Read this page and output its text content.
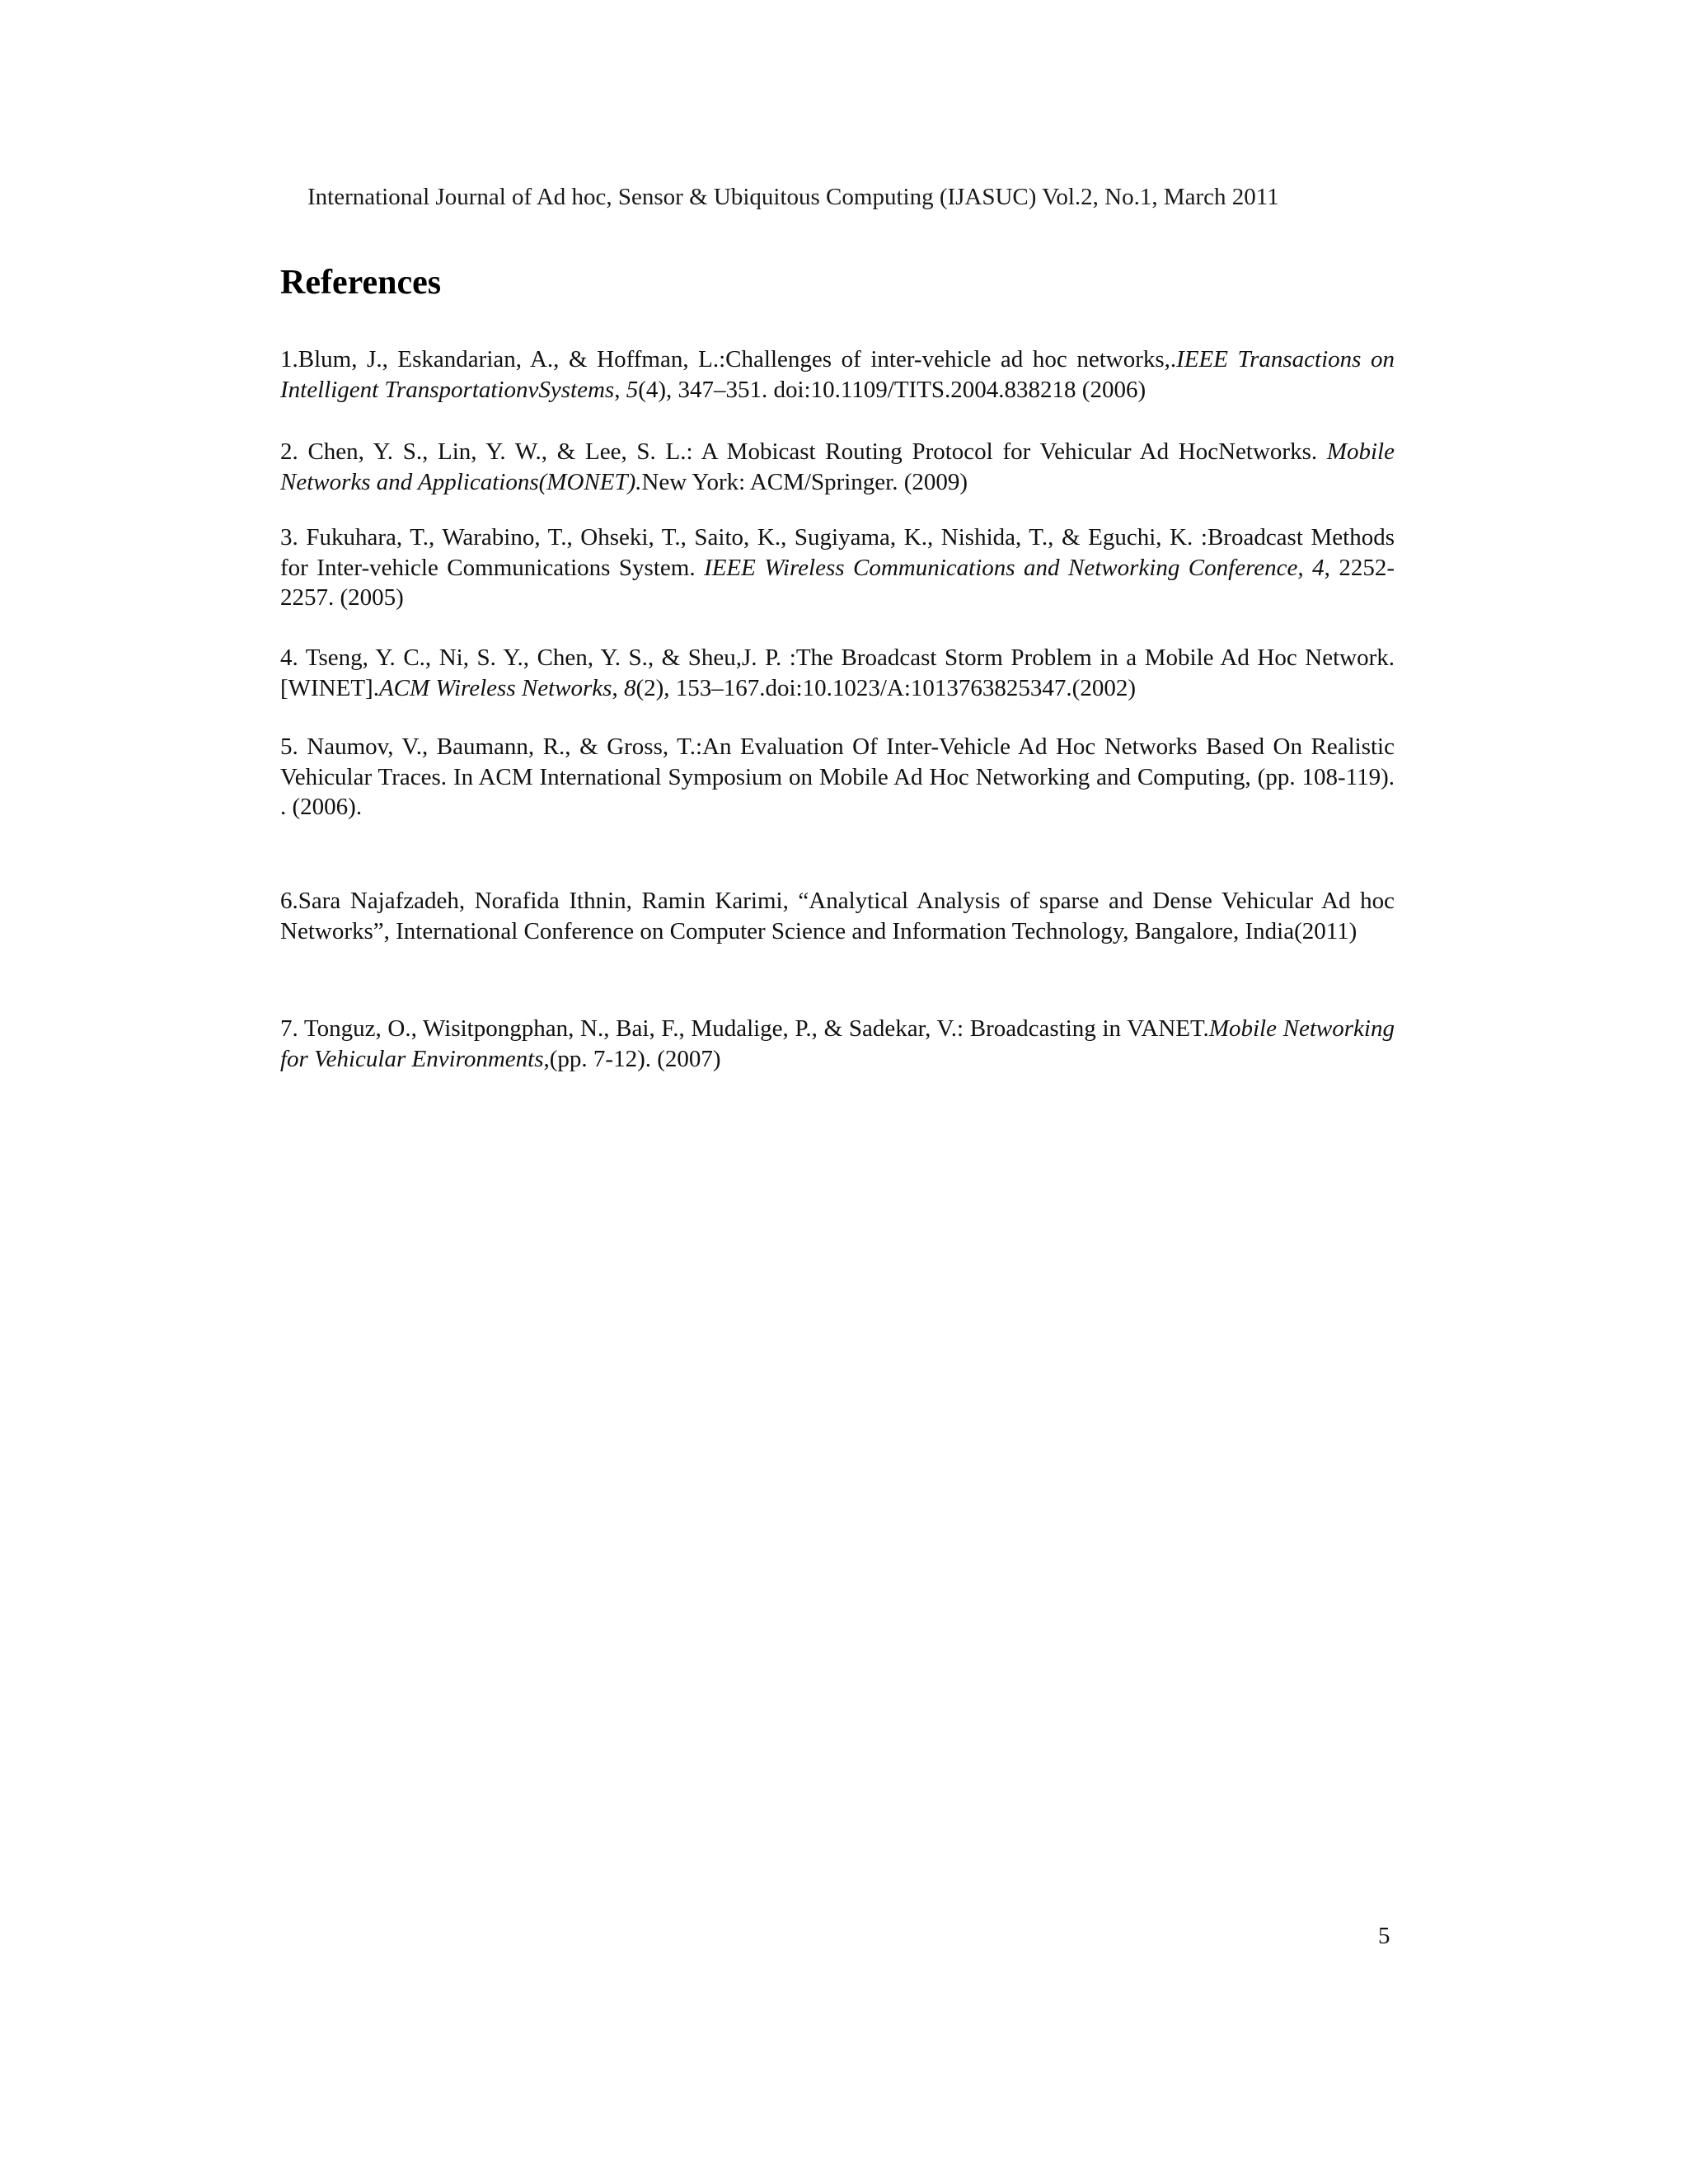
International Journal of Ad hoc, Sensor & Ubiquitous Computing (IJASUC) Vol.2, No.1, March 2011
References

1.Blum, J., Eskandarian, A., & Hoffman, L.:Challenges of inter-vehicle ad hoc networks,.IEEE Transactions on Intelligent TransportationvSystems, 5(4), 347–351. doi:10.1109/TITS.2004.838218 (2006)

2. Chen, Y. S., Lin, Y. W., & Lee, S. L.: A Mobicast Routing Protocol for Vehicular Ad HocNetworks. Mobile Networks and Applications(MONET).New York: ACM/Springer. (2009)

3. Fukuhara, T., Warabino, T., Ohseki, T., Saito, K., Sugiyama, K., Nishida, T., & Eguchi, K. :Broadcast Methods for Inter-vehicle Communications System. IEEE Wireless Communications and Networking Conference, 4, 2252-2257. (2005)

4. Tseng, Y. C., Ni, S. Y., Chen, Y. S., & Sheu,J. P. :The Broadcast Storm Problem in a Mobile Ad Hoc Network. [WINET].ACM Wireless Networks, 8(2), 153–167.doi:10.1023/A:1013763825347.(2002)

5. Naumov, V., Baumann, R., & Gross, T.:An Evaluation Of Inter-Vehicle Ad Hoc Networks Based On Realistic Vehicular Traces. In ACM International Symposium on Mobile Ad Hoc Networking and Computing, (pp. 108-119). . (2006).

6.Sara Najafzadeh, Norafida Ithnin, Ramin Karimi, “Analytical Analysis of sparse and Dense Vehicular Ad hoc Networks”, International Conference on Computer Science and Information Technology, Bangalore, India(2011)

7. Tonguz, O., Wisitpongphan, N., Bai, F., Mudalige, P., & Sadekar, V.: Broadcasting in VANET.Mobile Networking for Vehicular Environments,(pp. 7-12). (2007)

5
